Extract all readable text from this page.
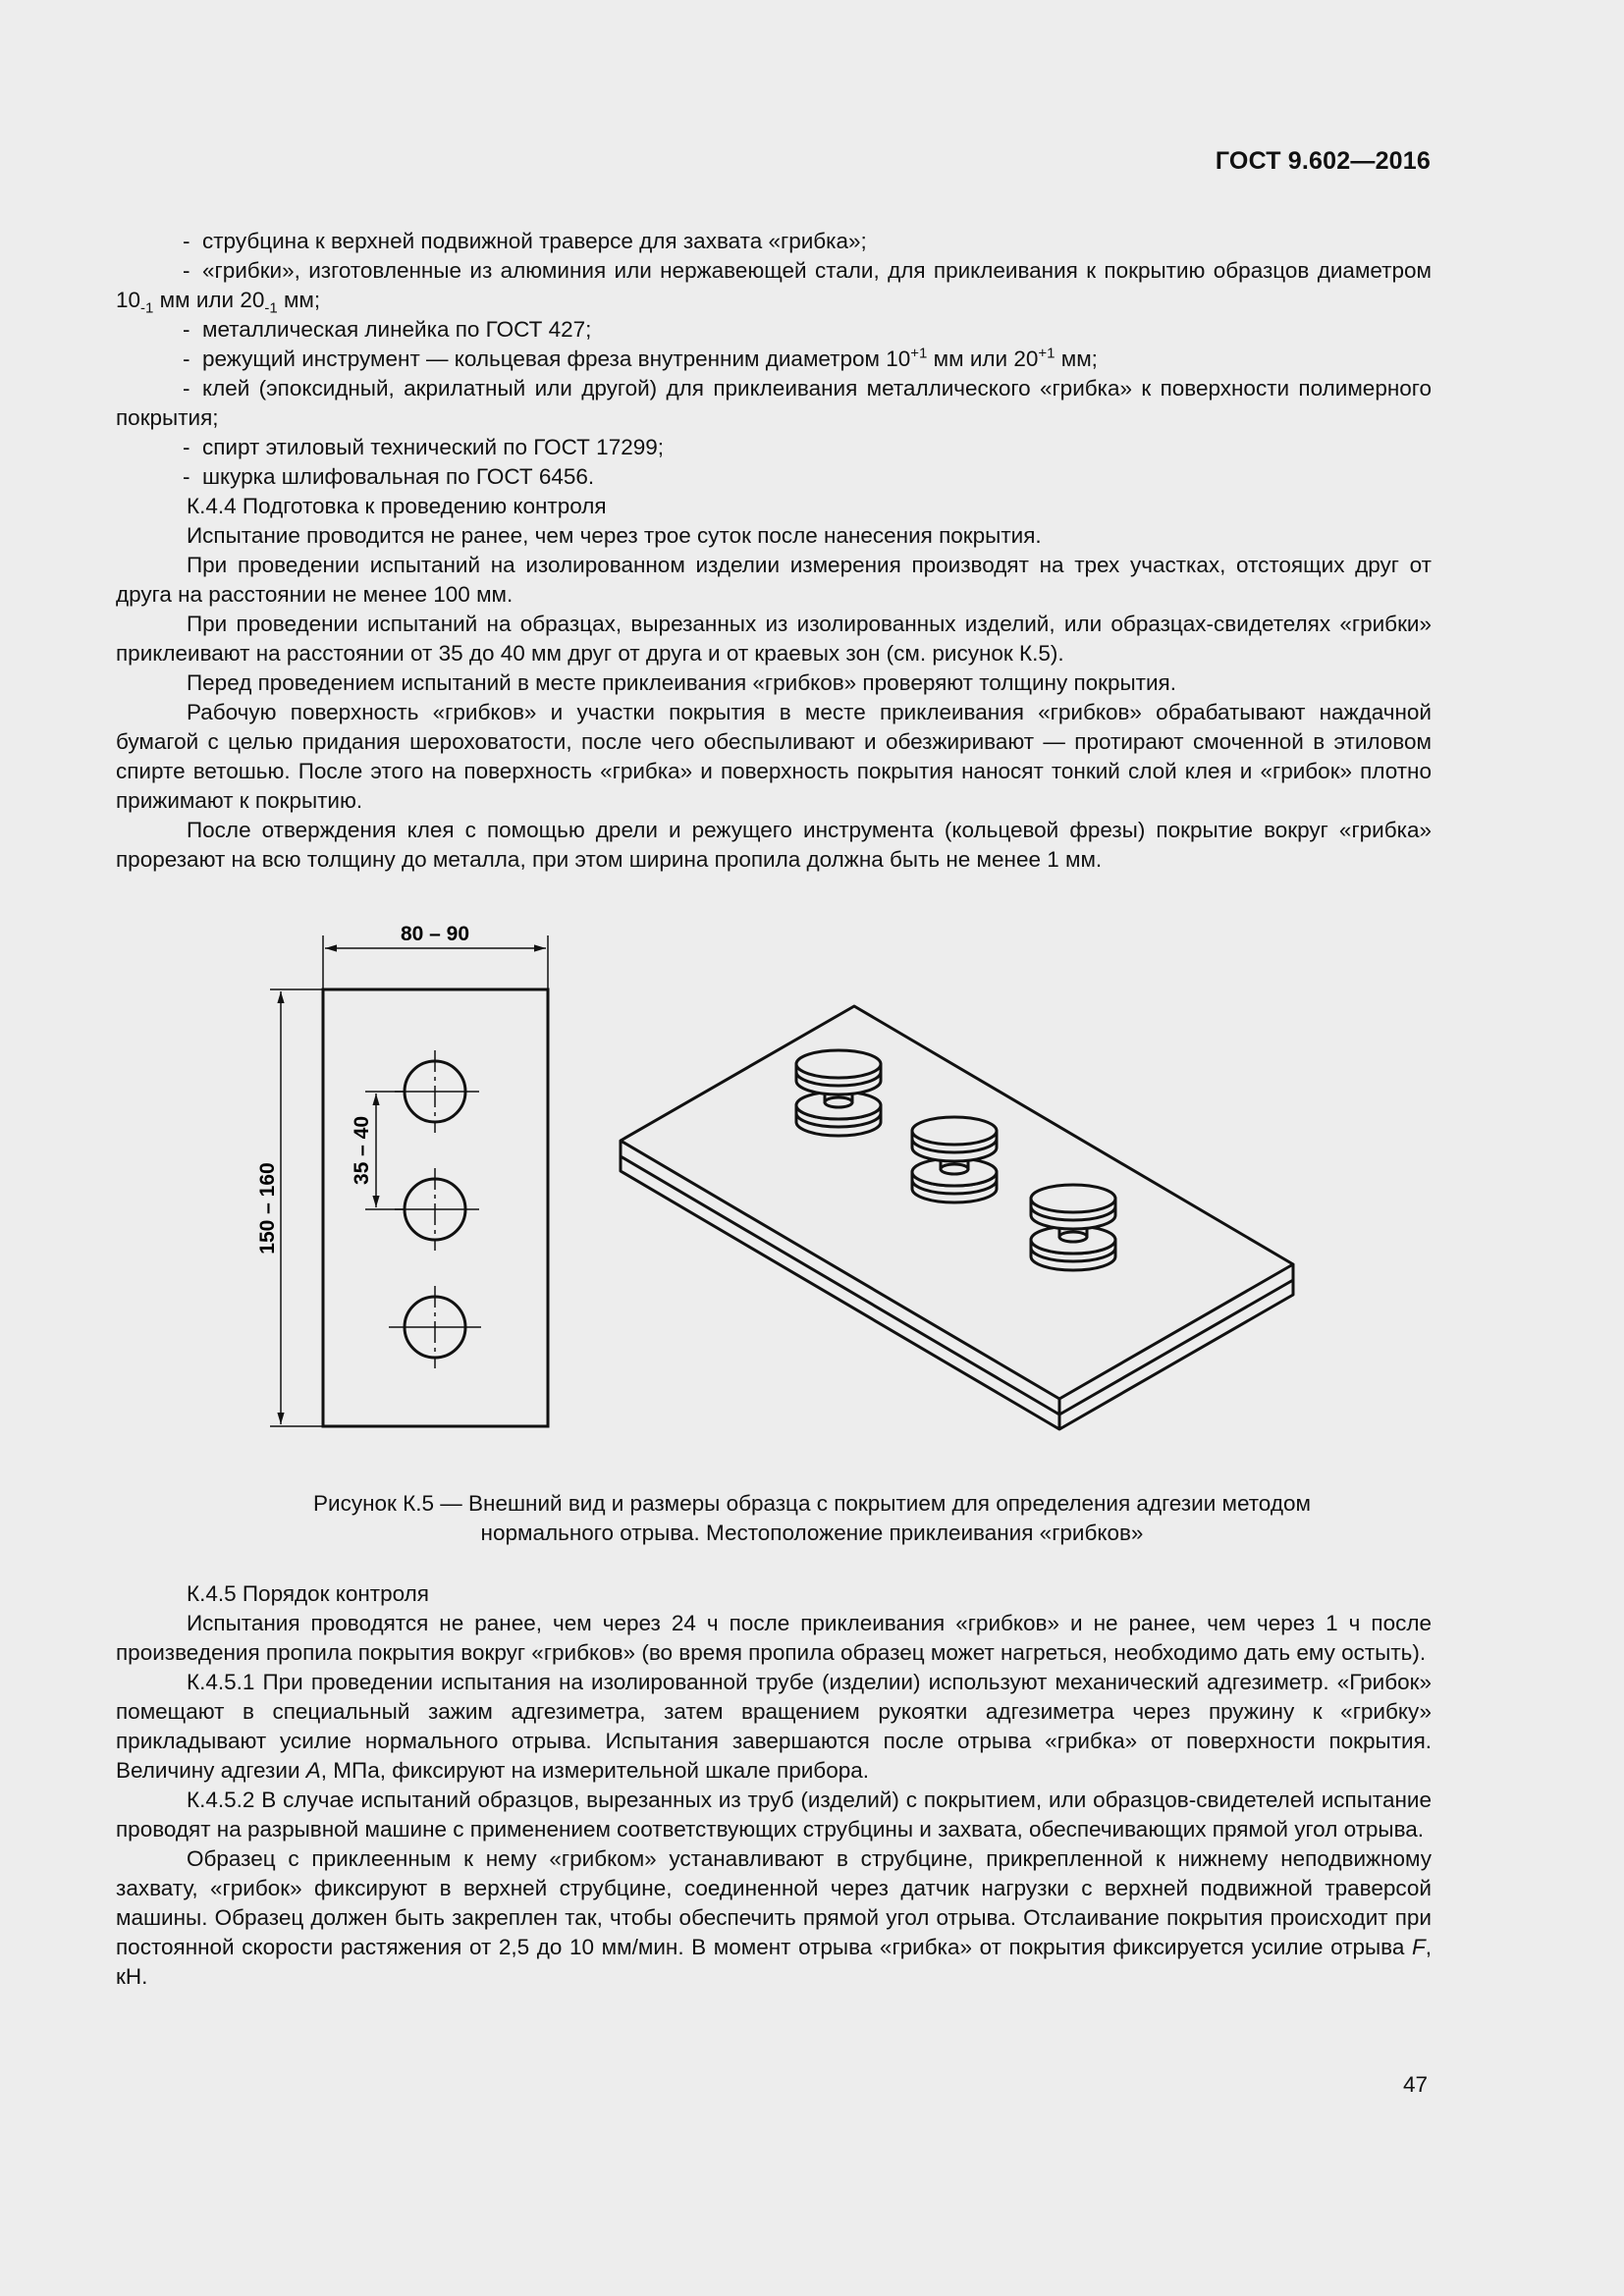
ГОСТ 9.602—2016

- струбцина к верхней подвижной траверсе для захвата «грибка»;

- «грибки», изготовленные из алюминия или нержавеющей стали, для приклеивания к покрытию образцов диаметром $10_{-1}$ мм или $20_{-1}$ мм;

- металлическая линейка по ГОСТ 427;

- режущий инструмент — кольцевая фреза внутренним диаметром $10^{+1}$ мм или $20^{+1}$ мм;

- клей (эпоксидный, акрилатный или другой) для приклеивания металлического «грибка» к поверхности полимерного покрытия;

- спирт этиловый технический по ГОСТ 17299;

- шкурка шлифовальная по ГОСТ 6456.

К.4.4 Подготовка к проведению контроля

Испытание проводится не ранее, чем через трое суток после нанесения покрытия.

При проведении испытаний на изолированном изделии измерения производят на трех участках, отстоящих друг от друга на расстоянии не менее 100 мм.

При проведении испытаний на образцах, вырезанных из изолированных изделий, или образцах-свидетелях «грибки» приклеивают на расстоянии от 35 до 40 мм друг от друга и от краевых зон (см. рисунок К.5).

Перед проведением испытаний в месте приклеивания «грибков» проверяют толщину покрытия.

Рабочую поверхность «грибков» и участки покрытия в месте приклеивания «грибков» обрабатывают наждачной бумагой с целью придания шероховатости, после чего обеспыливают и обезжиривают — протирают смоченной в этиловом спирте ветошью. После этого на поверхность «грибка» и поверхность покрытия наносят тонкий слой клея и «грибок» плотно прижимают к покрытию.

После отверждения клея с помощью дрели и режущего инструмента (кольцевой фрезы) покрытие вокруг «грибка» прорезают на всю толщину до металла, при этом ширина пропила должна быть не менее 1 мм.

80 – 90
150 – 160
35 – 40
Рисунок К.5 — Внешний вид и размеры образца с покрытием для определения адгезии методом
нормального отрыва. Местоположение приклеивания «грибков»

К.4.5 Порядок контроля

Испытания проводятся не ранее, чем через 24 ч после приклеивания «грибков» и не ранее, чем через 1 ч после произведения пропила покрытия вокруг «грибков» (во время пропила образец может нагреться, необходимо дать ему остыть).

К.4.5.1 При проведении испытания на изолированной трубе (изделии) используют механический адгезиметр. «Грибок» помещают в специальный зажим адгезиметра, затем вращением рукоятки адгезиметра через пружину к «грибку» прикладывают усилие нормального отрыва. Испытания завершаются после отрыва «грибка» от поверхности покрытия. Величину адгезии А, МПа, фиксируют на измерительной шкале прибора.

К.4.5.2 В случае испытаний образцов, вырезанных из труб (изделий) с покрытием, или образцов-свидетелей испытание проводят на разрывной машине с применением соответствующих струбцины и захвата, обеспечивающих прямой угол отрыва.

Образец с приклеенным к нему «грибком» устанавливают в струбцине, прикрепленной к нижнему неподвижному захвату, «грибок» фиксируют в верхней струбцине, соединенной через датчик нагрузки с верхней подвижной траверсой машины. Образец должен быть закреплен так, чтобы обеспечить прямой угол отрыва. Отслаивание покрытия происходит при постоянной скорости растяжения от 2,5 до 10 мм/мин. В момент отрыва «грибка» от покрытия фиксируется усилие отрыва F, кН.

47
